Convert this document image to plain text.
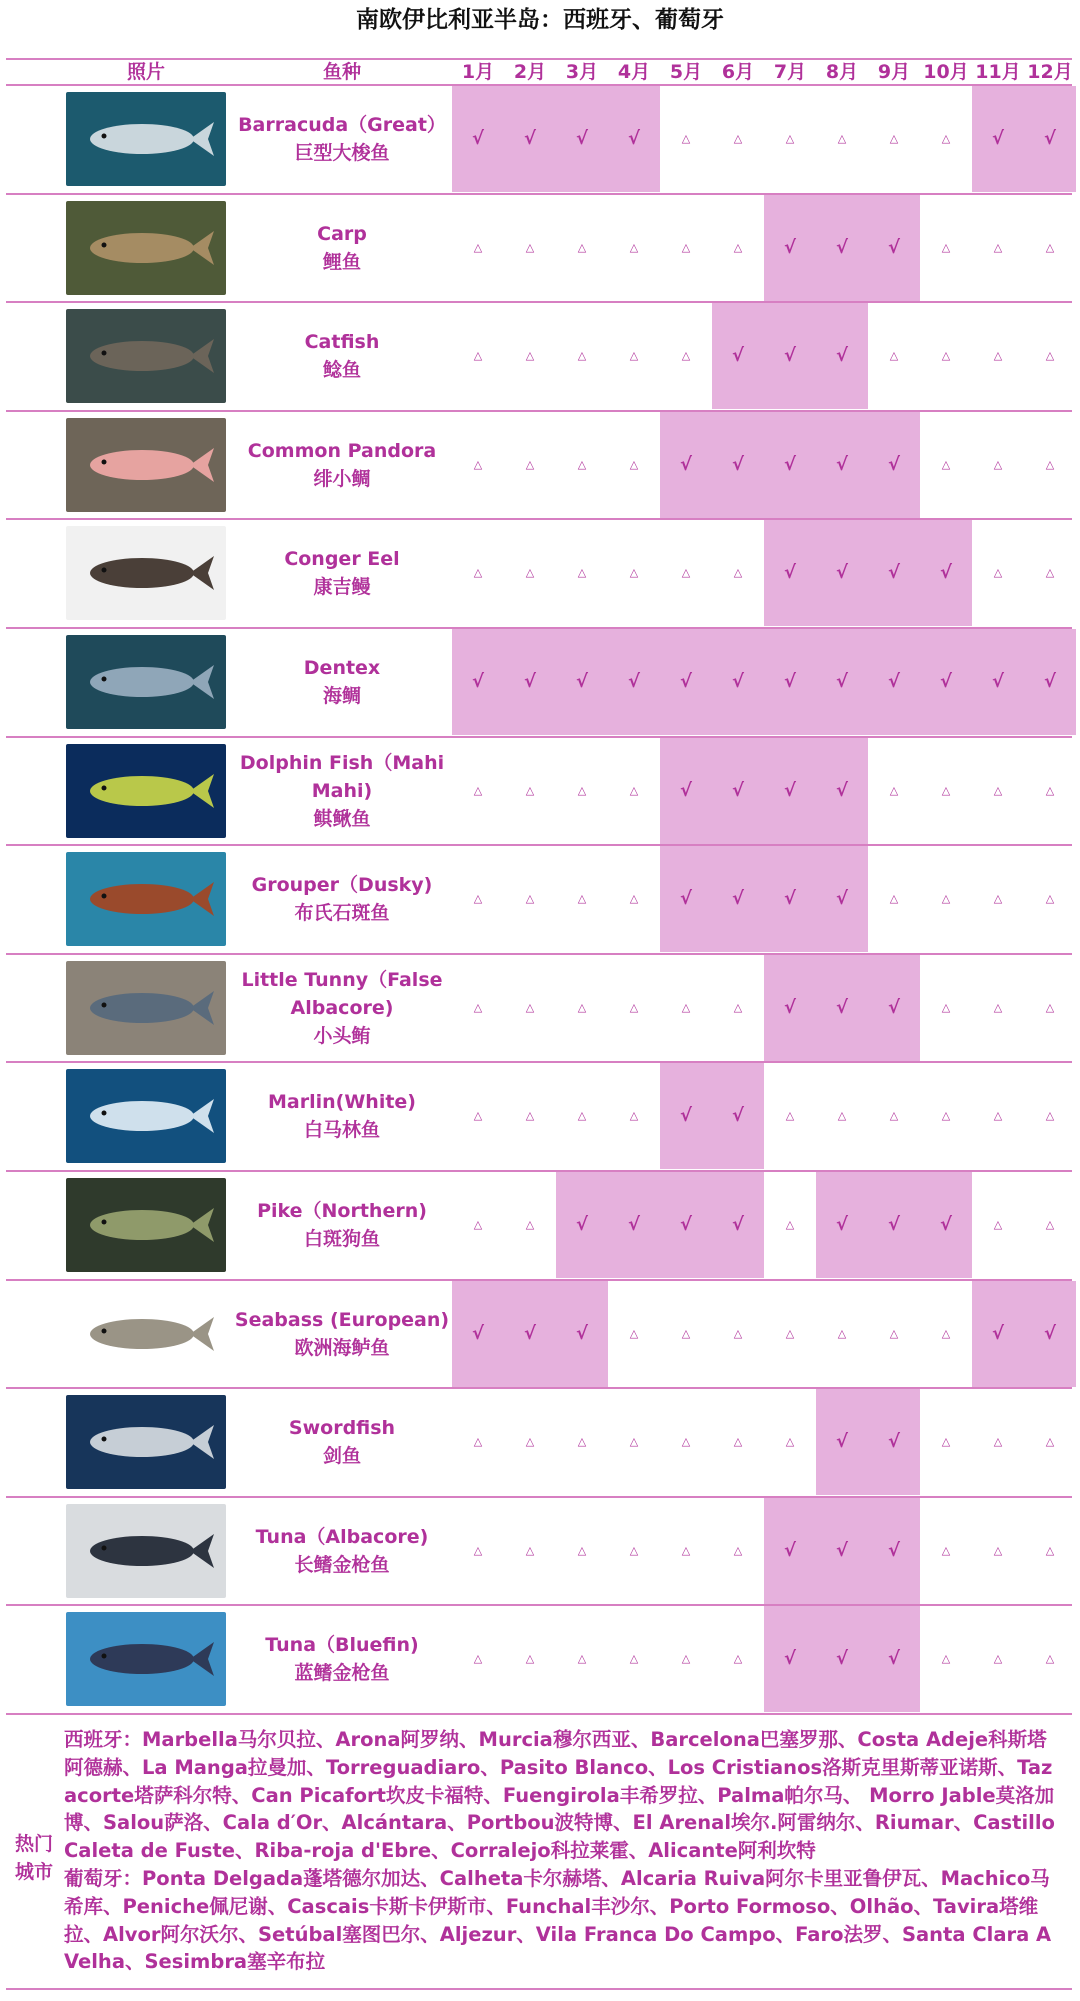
南欧伊比利亚半岛：西班牙、葡萄牙
照片	鱼种	1月	2月	3月	4月	5月	6月	7月	8月	9月 10月 11月 12月
Barracuda（Great）
巨型大梭鱼
√	√	√	√	△	△	△	△	△	△	√	√
Carp
鲤鱼
△	△	△	△	△	△	√	√	√	△	△	△
Catfish
鲶鱼
△	△	△	△	△	√	√	√	△	△	△	△
Common Pandora
绯小鲷
△	△	△	△	√	√	√	√	√	△	△	△
Conger Eel
康吉鳗
△	△	△	△	△	△	√	√	√	√	△	△
Dentex
海鲷
√	√	√	√	√	√	√	√	√	√	√	√
Dolphin Fish（Mahi Mahi)
鲯鳅鱼
△	△	△	△	√	√	√	√	△	△	△	△
Grouper（Dusky)
布氏石斑鱼
△	△	△	△	√	√	√	√	△	△	△	△
Little Tunny（False Albacore)
小头鲔
△	△	△	△	△	△	√	√	√	△	△	△
Marlin(White)
白马林鱼
△	△	△	△	√	√	△	△	△	△	△	△
Pike（Northern)
白斑狗鱼
△	△	√	√	√	√	△	√	√	√	△	△
Seabass (European)
欧洲海鲈鱼
√	√	√	△	△	△	△	△	△	△	√	√
Swordfish
剑鱼
△	△	△	△	△	△	△	√	√	△	△	△
Tuna（Albacore)
长鳍金枪鱼
△	△	△	△	△	△	√	√	√	△	△	△
Tuna（Bluefin)
蓝鳍金枪鱼
△	△	△	△	△	△	√	√	√	△	△	△
热门城市
西班牙：Marbella马尔贝拉、Arona阿罗纳、Murcia穆尔西亚、Barcelona巴塞罗那、Costa Adeje科斯塔阿德赫、La Manga拉曼加、Torreguadiaro、Pasito Blanco、Los Cristianos洛斯克里斯蒂亚诺斯、Tazacorte塔萨科尔特、Can Picafort坎皮卡福特、Fuengirola丰希罗拉、Palma帕尔马、 Morro Jable莫洛加博、Salou萨洛、Cala d′Or、Alcántara、Portbou波特博、El Arenal埃尔.阿雷纳尔、Riumar、Castillo Caleta de Fuste、Riba-roja d'Ebre、Corralejo科拉莱霍、Alicante阿利坎特
葡萄牙：Ponta Delgada蓬塔德尔加达、Calheta卡尔赫塔、Alcaria Ruiva阿尔卡里亚鲁伊瓦、Machico马希库、Peniche佩尼谢、Cascais卡斯卡伊斯市、Funchal丰沙尔、Porto Formoso、Olhão、Tavira塔维拉、Alvor阿尔沃尔、Setúbal塞图巴尔、Aljezur、Vila Franca Do Campo、Faro法罗、Santa Clara A Velha、Sesimbra塞辛布拉
